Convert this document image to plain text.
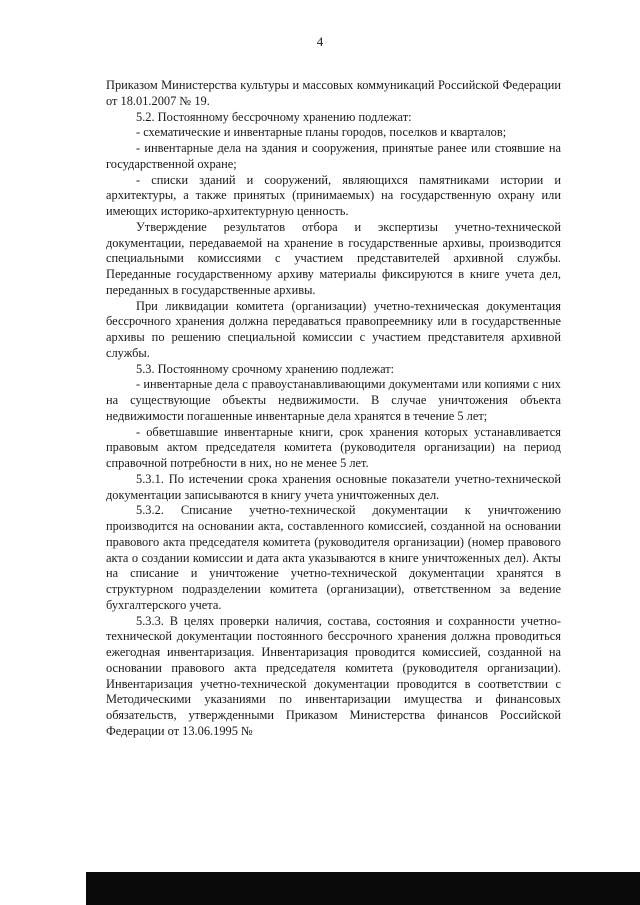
4

Приказом Министерства культуры и массовых коммуникаций Российской Федерации от 18.01.2007 № 19.

5.2. Постоянному бессрочному хранению подлежат:

- схематические и инвентарные планы городов, поселков и кварталов;

- инвентарные дела на здания и сооружения, принятые ранее или стоявшие на государственной охране;

- списки зданий и сооружений, являющихся памятниками истории и архитектуры, а также принятых (принимаемых) на государственную охрану или имеющих историко-архитектурную ценность.

Утверждение результатов отбора и экспертизы учетно-технической документации, передаваемой на хранение в государственные архивы, производится специальными комиссиями с участием представителей архивной службы. Переданные государственному архиву материалы фиксируются в книге учета дел, переданных в государственные архивы.

При ликвидации комитета (организации) учетно-техническая документация бессрочного хранения должна передаваться правопреемнику или в государственные архивы по решению специальной комиссии с участием представителя архивной службы.

5.3. Постоянному срочному хранению подлежат:

- инвентарные дела с правоустанавливающими документами или копиями с них на существующие объекты недвижимости. В случае уничтожения объекта недвижимости погашенные инвентарные дела хранятся в течение 5 лет;

- обветшавшие инвентарные книги, срок хранения которых устанавливается правовым актом председателя комитета (руководителя организации) на период справочной потребности в них, но не менее 5 лет.

5.3.1. По истечении срока хранения основные показатели учетно-технической документации записываются в книгу учета уничтоженных дел.

5.3.2. Списание учетно-технической документации к уничтожению производится на основании акта, составленного комиссией, созданной на основании правового акта председателя комитета (руководителя организации) (номер правового акта о создании комиссии и дата акта указываются в книге уничтоженных дел). Акты на списание и уничтожение учетно-технической документации хранятся в структурном подразделении комитета (организации), ответственном за ведение бухгалтерского учета.

5.3.3. В целях проверки наличия, состава, состояния и сохранности учетно-технической документации постоянного бессрочного хранения должна проводиться ежегодная инвентаризация. Инвентаризация проводится комиссией, созданной на основании правового акта председателя комитета (руководителя организации). Инвентаризация учетно-технической документации проводится в соответствии с Методическими указаниями по инвентаризации имущества и финансовых обязательств, утвержденными Приказом Министерства финансов Российской Федерации от 13.06.1995 №
